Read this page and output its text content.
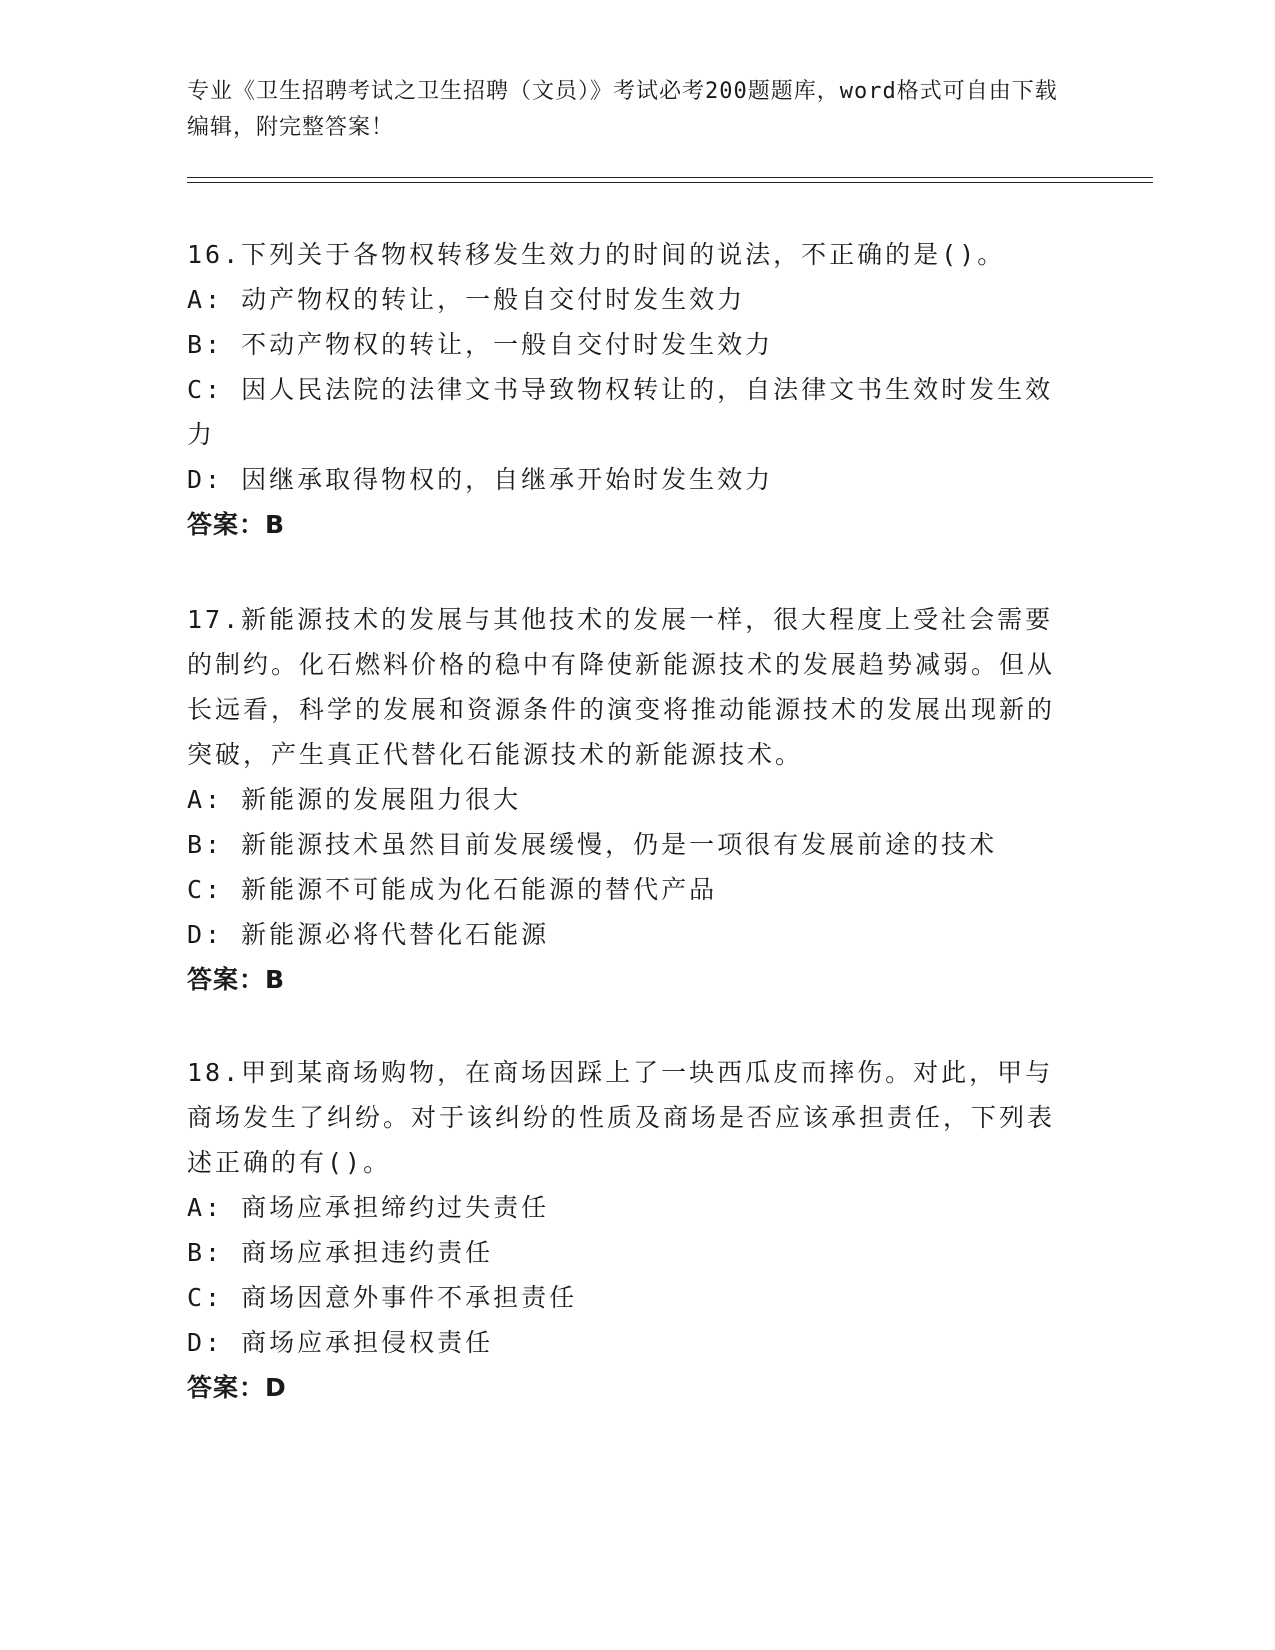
专业《卫生招聘考试之卫生招聘（文员）》考试必考200题题库，word格式可自由下载编辑，附完整答案！
16.下列关于各物权转移发生效力的时间的说法，不正确的是()。
A: 动产物权的转让，一般自交付时发生效力
B: 不动产物权的转让，一般自交付时发生效力
C: 因人民法院的法律文书导致物权转让的，自法律文书生效时发生效力
D: 因继承取得物权的，自继承开始时发生效力
答案：B
17.新能源技术的发展与其他技术的发展一样，很大程度上受社会需要的制约。化石燃料价格的稳中有降使新能源技术的发展趋势减弱。但从长远看，科学的发展和资源条件的演变将推动能源技术的发展出现新的突破，产生真正代替化石能源技术的新能源技术。
A: 新能源的发展阻力很大
B: 新能源技术虽然目前发展缓慢，仍是一项很有发展前途的技术
C: 新能源不可能成为化石能源的替代产品
D: 新能源必将代替化石能源
答案：B
18.甲到某商场购物，在商场因踩上了一块西瓜皮而摔伤。对此，甲与商场发生了纠纷。对于该纠纷的性质及商场是否应该承担责任，下列表述正确的有()。
A: 商场应承担缔约过失责任
B: 商场应承担违约责任
C: 商场因意外事件不承担责任
D: 商场应承担侵权责任
答案：D
